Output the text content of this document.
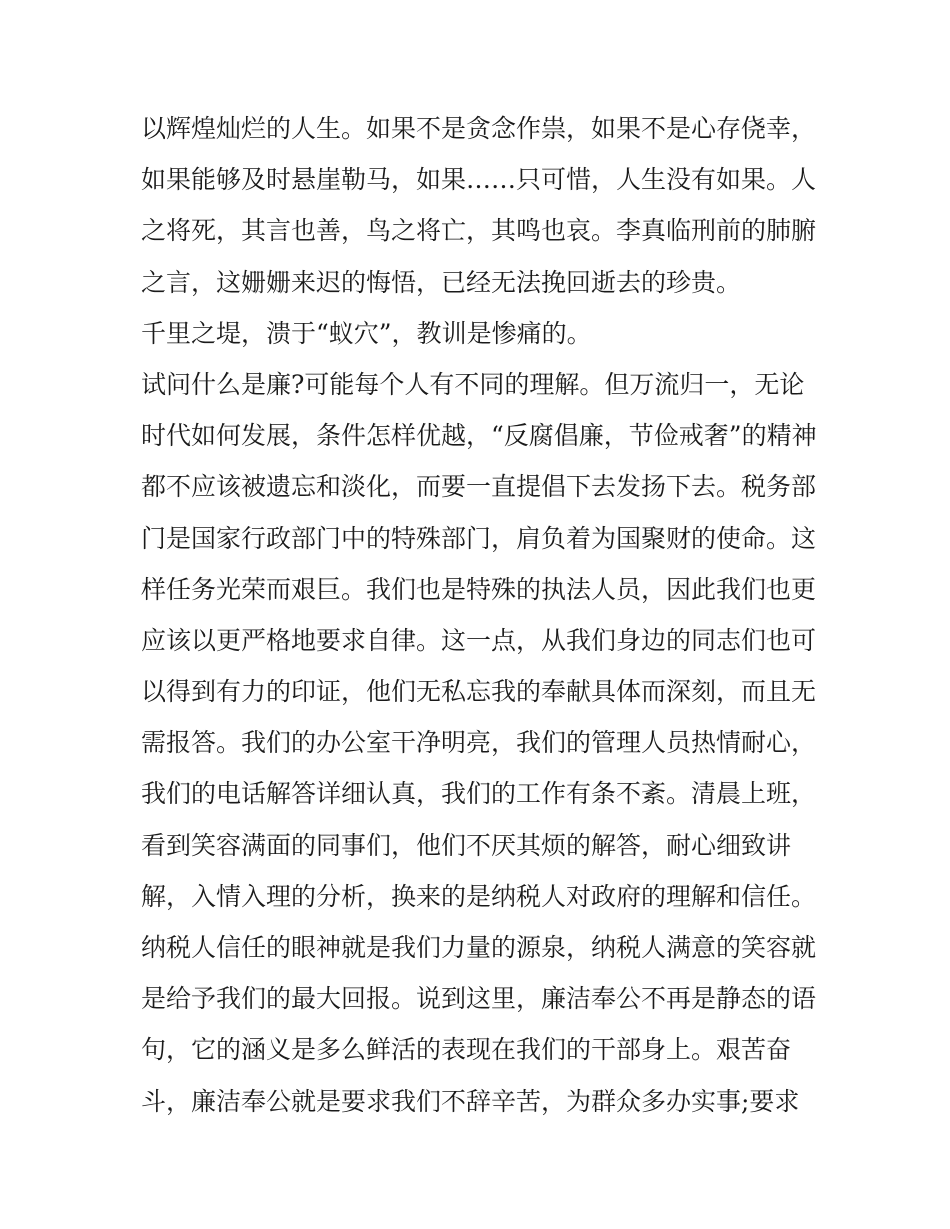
以辉煌灿烂的人生。如果不是贪念作祟，如果不是心存侥幸，
如果能够及时悬崖勒马，如果……只可惜，人生没有如果。人
之将死，其言也善，鸟之将亡，其鸣也哀。李真临刑前的肺腑
之言，这姗姗来迟的悔悟，已经无法挽回逝去的珍贵。
千里之堤，溃于“蚁穴”，教训是惨痛的。
试问什么是廉?可能每个人有不同的理解。但万流归一，无论
时代如何发展，条件怎样优越，“反腐倡廉，节俭戒奢”的精神
都不应该被遗忘和淡化，而要一直提倡下去发扬下去。税务部
门是国家行政部门中的特殊部门，肩负着为国聚财的使命。这
样任务光荣而艰巨。我们也是特殊的执法人员，因此我们也更
应该以更严格地要求自律。这一点，从我们身边的同志们也可
以得到有力的印证，他们无私忘我的奉献具体而深刻，而且无
需报答。我们的办公室干净明亮，我们的管理人员热情耐心，
我们的电话解答详细认真，我们的工作有条不紊。清晨上班，
看到笑容满面的同事们，他们不厌其烦的解答，耐心细致讲
解，入情入理的分析，换来的是纳税人对政府的理解和信任。
纳税人信任的眼神就是我们力量的源泉，纳税人满意的笑容就
是给予我们的最大回报。说到这里，廉洁奉公不再是静态的语
句，它的涵义是多么鲜活的表现在我们的干部身上。艰苦奋
斗，廉洁奉公就是要求我们不辞辛苦，为群众多办实事;要求
